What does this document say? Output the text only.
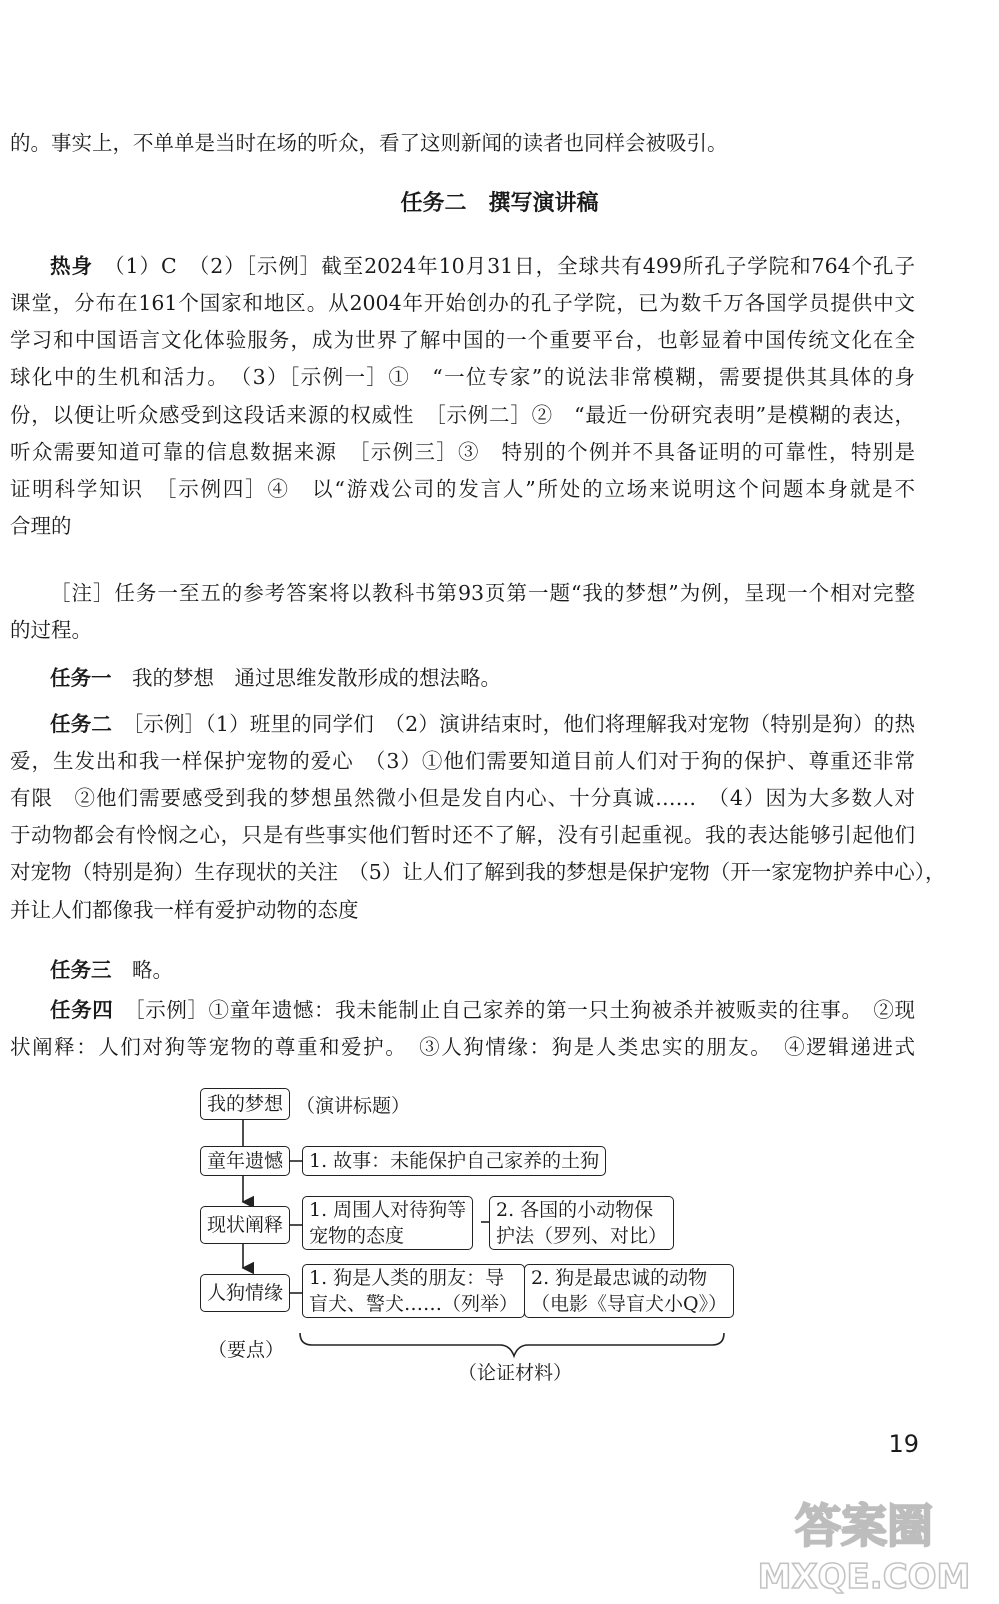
的。事实上，不单单是当时在场的听众，看了这则新闻的读者也同样会被吸引。
任务二　撰写演讲稿
热身　 （1）C　（2）［示例］截至2024年10月31日，全球共有499所孔子学院和764个孔子
课堂，分布在161个国家和地区。从2004年开始创办的孔子学院，已为数千万各国学员提供中文
学习和中国语言文化体验服务，成为世界了解中国的一个重要平台，也彰显着中国传统文化在全
球化中的生机和活力。　（3）［示例一］①　“一位专家”的说法非常模糊，需要提供其具体的身
份，以便让听众感受到这段话来源的权威性　［示例二］②　“最近一份研究表明”是模糊的表达，
听众需要知道可靠的信息数据来源　［示例三］③　特别的个例并不具备证明的可靠性，特别是
证明科学知识　［示例四］④　以“游戏公司的发言人”所处的立场来说明这个问题本身就是不
合理的
［注］任务一至五的参考答案将以教科书第93页第一题“我的梦想”为例，呈现一个相对完整
的过程。
任务一　 我的梦想　通过思维发散形成的想法略。
任务二　 ［示例］（1）班里的同学们　（2）演讲结束时，他们将理解我对宠物（特别是狗）的热
爱，生发出和我一样保护宠物的爱心　（3）①他们需要知道目前人们对于狗的保护、尊重还非常
有限　②他们需要感受到我的梦想虽然微小但是发自内心、十分真诚……　（4）因为大多数人对
于动物都会有怜悯之心，只是有些事实他们暂时还不了解，没有引起重视。我的表达能够引起他们
对宠物（特别是狗）生存现状的关注　（5）让人们了解到我的梦想是保护宠物（开一家宠物护养中心），
并让人们都像我一样有爱护动物的态度
任务三　 略。
任务四　 ［示例］①童年遗憾：我未能制止自己家养的第一只土狗被杀并被贩卖的往事。　②现
状阐释：人们对狗等宠物的尊重和爱护。　③人狗情缘：狗是人类忠实的朋友。　④逻辑递进式
我的梦想 （演讲标题）
童年遗憾	1. 故事：未能保护自己家养的土狗
现状阐释
1. 周围人对待狗等
宠物的态度
2. 各国的小动物保
护法（罗列、对比）
人狗情缘
1. 狗是人类的朋友：导
盲犬、警犬……（列举）
2. 狗是最忠诚的动物
（电影《导盲犬小Q》）
（要点）
（论证材料）
19
答案圈
MXQE.COM
